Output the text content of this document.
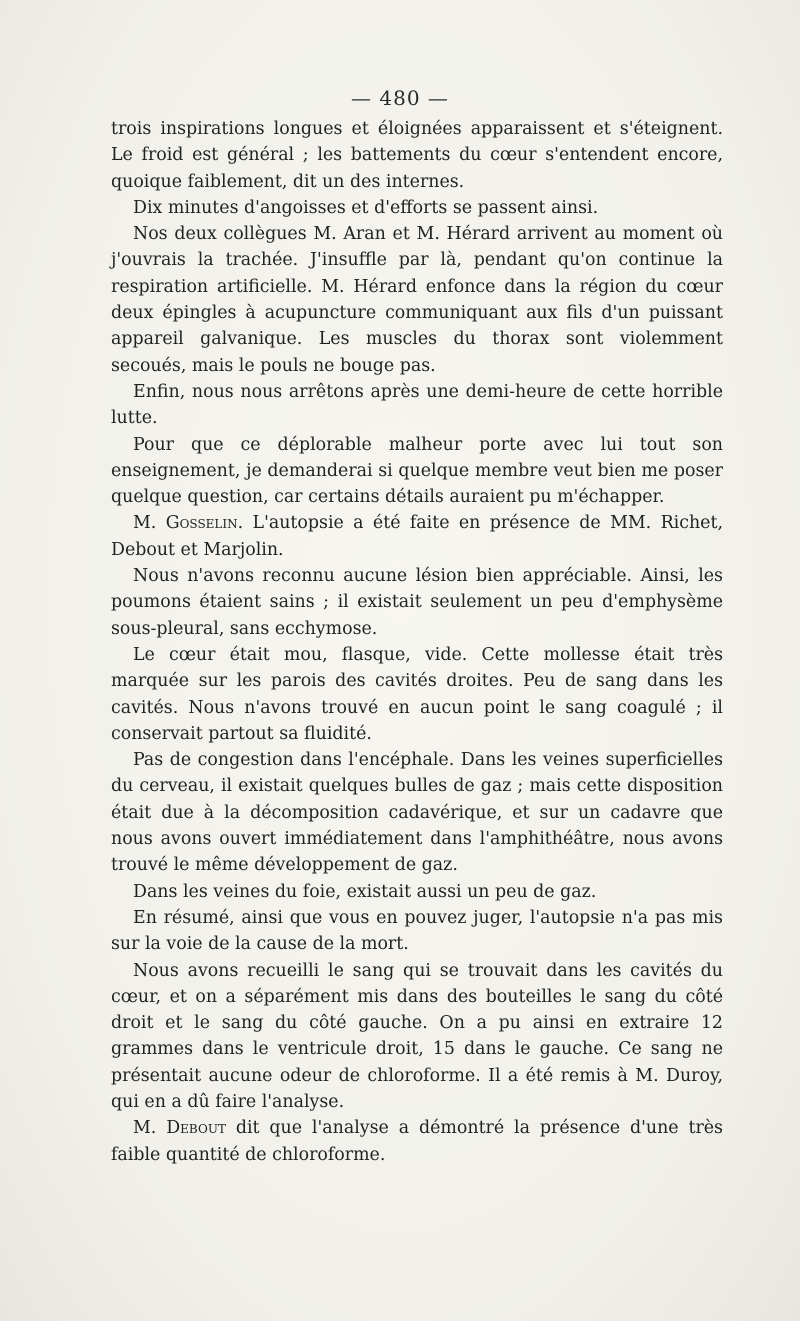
— 480 —

trois inspirations longues et éloignées apparaissent et s'éteignent. Le froid est général ; les battements du cœur s'entendent encore, quoique faiblement, dit un des internes.

Dix minutes d'angoisses et d'efforts se passent ainsi.

Nos deux collègues M. Aran et M. Hérard arrivent au moment où j'ouvrais la trachée. J'insuffle par là, pendant qu'on continue la respiration artificielle. M. Hérard enfonce dans la région du cœur deux épingles à acupuncture communiquant aux fils d'un puissant appareil galvanique. Les muscles du thorax sont violemment secoués, mais le pouls ne bouge pas.

Enfin, nous nous arrêtons après une demi-heure de cette horrible lutte.

Pour que ce déplorable malheur porte avec lui tout son enseignement, je demanderai si quelque membre veut bien me poser quelque question, car certains détails auraient pu m'échapper.

M. Gosselin. L'autopsie a été faite en présence de MM. Richet, Debout et Marjolin.

Nous n'avons reconnu aucune lésion bien appréciable. Ainsi, les poumons étaient sains ; il existait seulement un peu d'emphysème sous-pleural, sans ecchymose.

Le cœur était mou, flasque, vide. Cette mollesse était très marquée sur les parois des cavités droites. Peu de sang dans les cavités. Nous n'avons trouvé en aucun point le sang coagulé ; il conservait partout sa fluidité.

Pas de congestion dans l'encéphale. Dans les veines superficielles du cerveau, il existait quelques bulles de gaz ; mais cette disposition était due à la décomposition cadavérique, et sur un cadavre que nous avons ouvert immédiatement dans l'amphithéâtre, nous avons trouvé le même développement de gaz.

Dans les veines du foie, existait aussi un peu de gaz.

En résumé, ainsi que vous en pouvez juger, l'autopsie n'a pas mis sur la voie de la cause de la mort.

Nous avons recueilli le sang qui se trouvait dans les cavités du cœur, et on a séparément mis dans des bouteilles le sang du côté droit et le sang du côté gauche. On a pu ainsi en extraire 12 grammes dans le ventricule droit, 15 dans le gauche. Ce sang ne présentait aucune odeur de chloroforme. Il a été remis à M. Duroy, qui en a dû faire l'analyse.

M. Debout dit que l'analyse a démontré la présence d'une très faible quantité de chloroforme.
